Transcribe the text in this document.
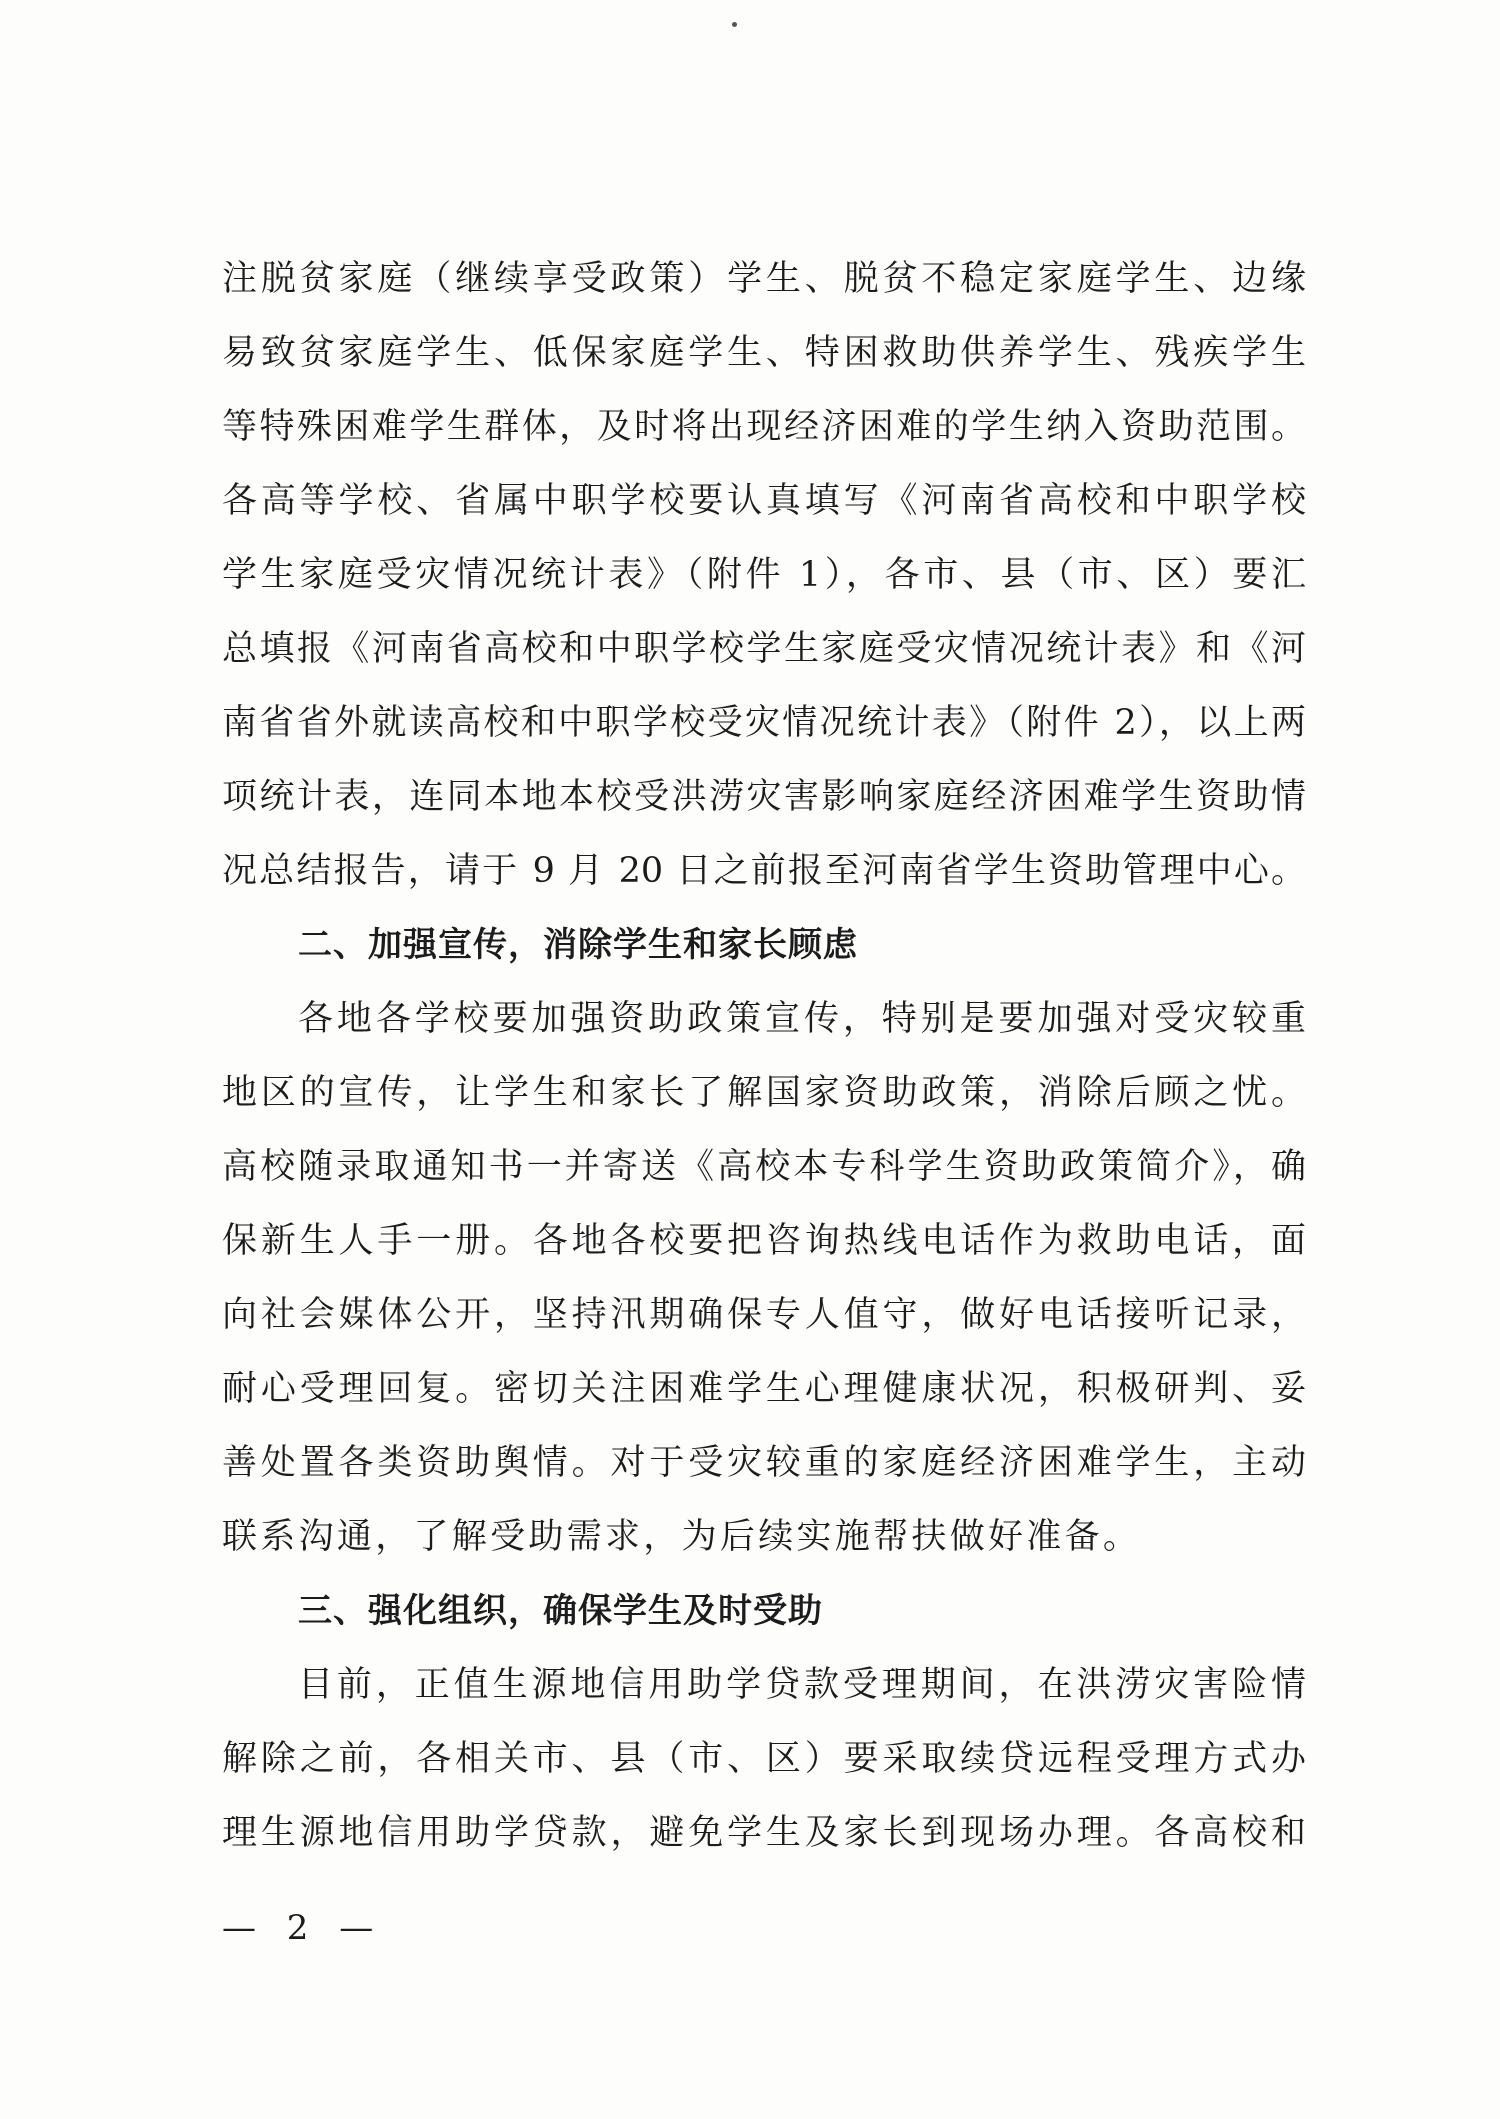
注脱贫家庭（继续享受政策）学生、脱贫不稳定家庭学生、边缘
易致贫家庭学生、低保家庭学生、特困救助供养学生、残疾学生
等特殊困难学生群体，及时将出现经济困难的学生纳入资助范围。
各高等学校、省属中职学校要认真填写《河南省高校和中职学校
学生家庭受灾情况统计表》（附件 1），各市、县（市、区）要汇
总填报《河南省高校和中职学校学生家庭受灾情况统计表》和《河
南省省外就读高校和中职学校受灾情况统计表》（附件 2），以上两
项统计表，连同本地本校受洪涝灾害影响家庭经济困难学生资助情
况总结报告，请于 9 月 20 日之前报至河南省学生资助管理中心。
二、加强宣传，消除学生和家长顾虑
各地各学校要加强资助政策宣传，特别是要加强对受灾较重
地区的宣传，让学生和家长了解国家资助政策，消除后顾之忧。
高校随录取通知书一并寄送《高校本专科学生资助政策简介》，确
保新生人手一册。各地各校要把咨询热线电话作为救助电话，面
向社会媒体公开，坚持汛期确保专人值守，做好电话接听记录，
耐心受理回复。密切关注困难学生心理健康状况，积极研判、妥
善处置各类资助舆情。对于受灾较重的家庭经济困难学生，主动
联系沟通，了解受助需求，为后续实施帮扶做好准备。
三、强化组织，确保学生及时受助
目前，正值生源地信用助学贷款受理期间，在洪涝灾害险情
解除之前，各相关市、县（市、区）要采取续贷远程受理方式办
理生源地信用助学贷款，避免学生及家长到现场办理。各高校和
— 2 —
